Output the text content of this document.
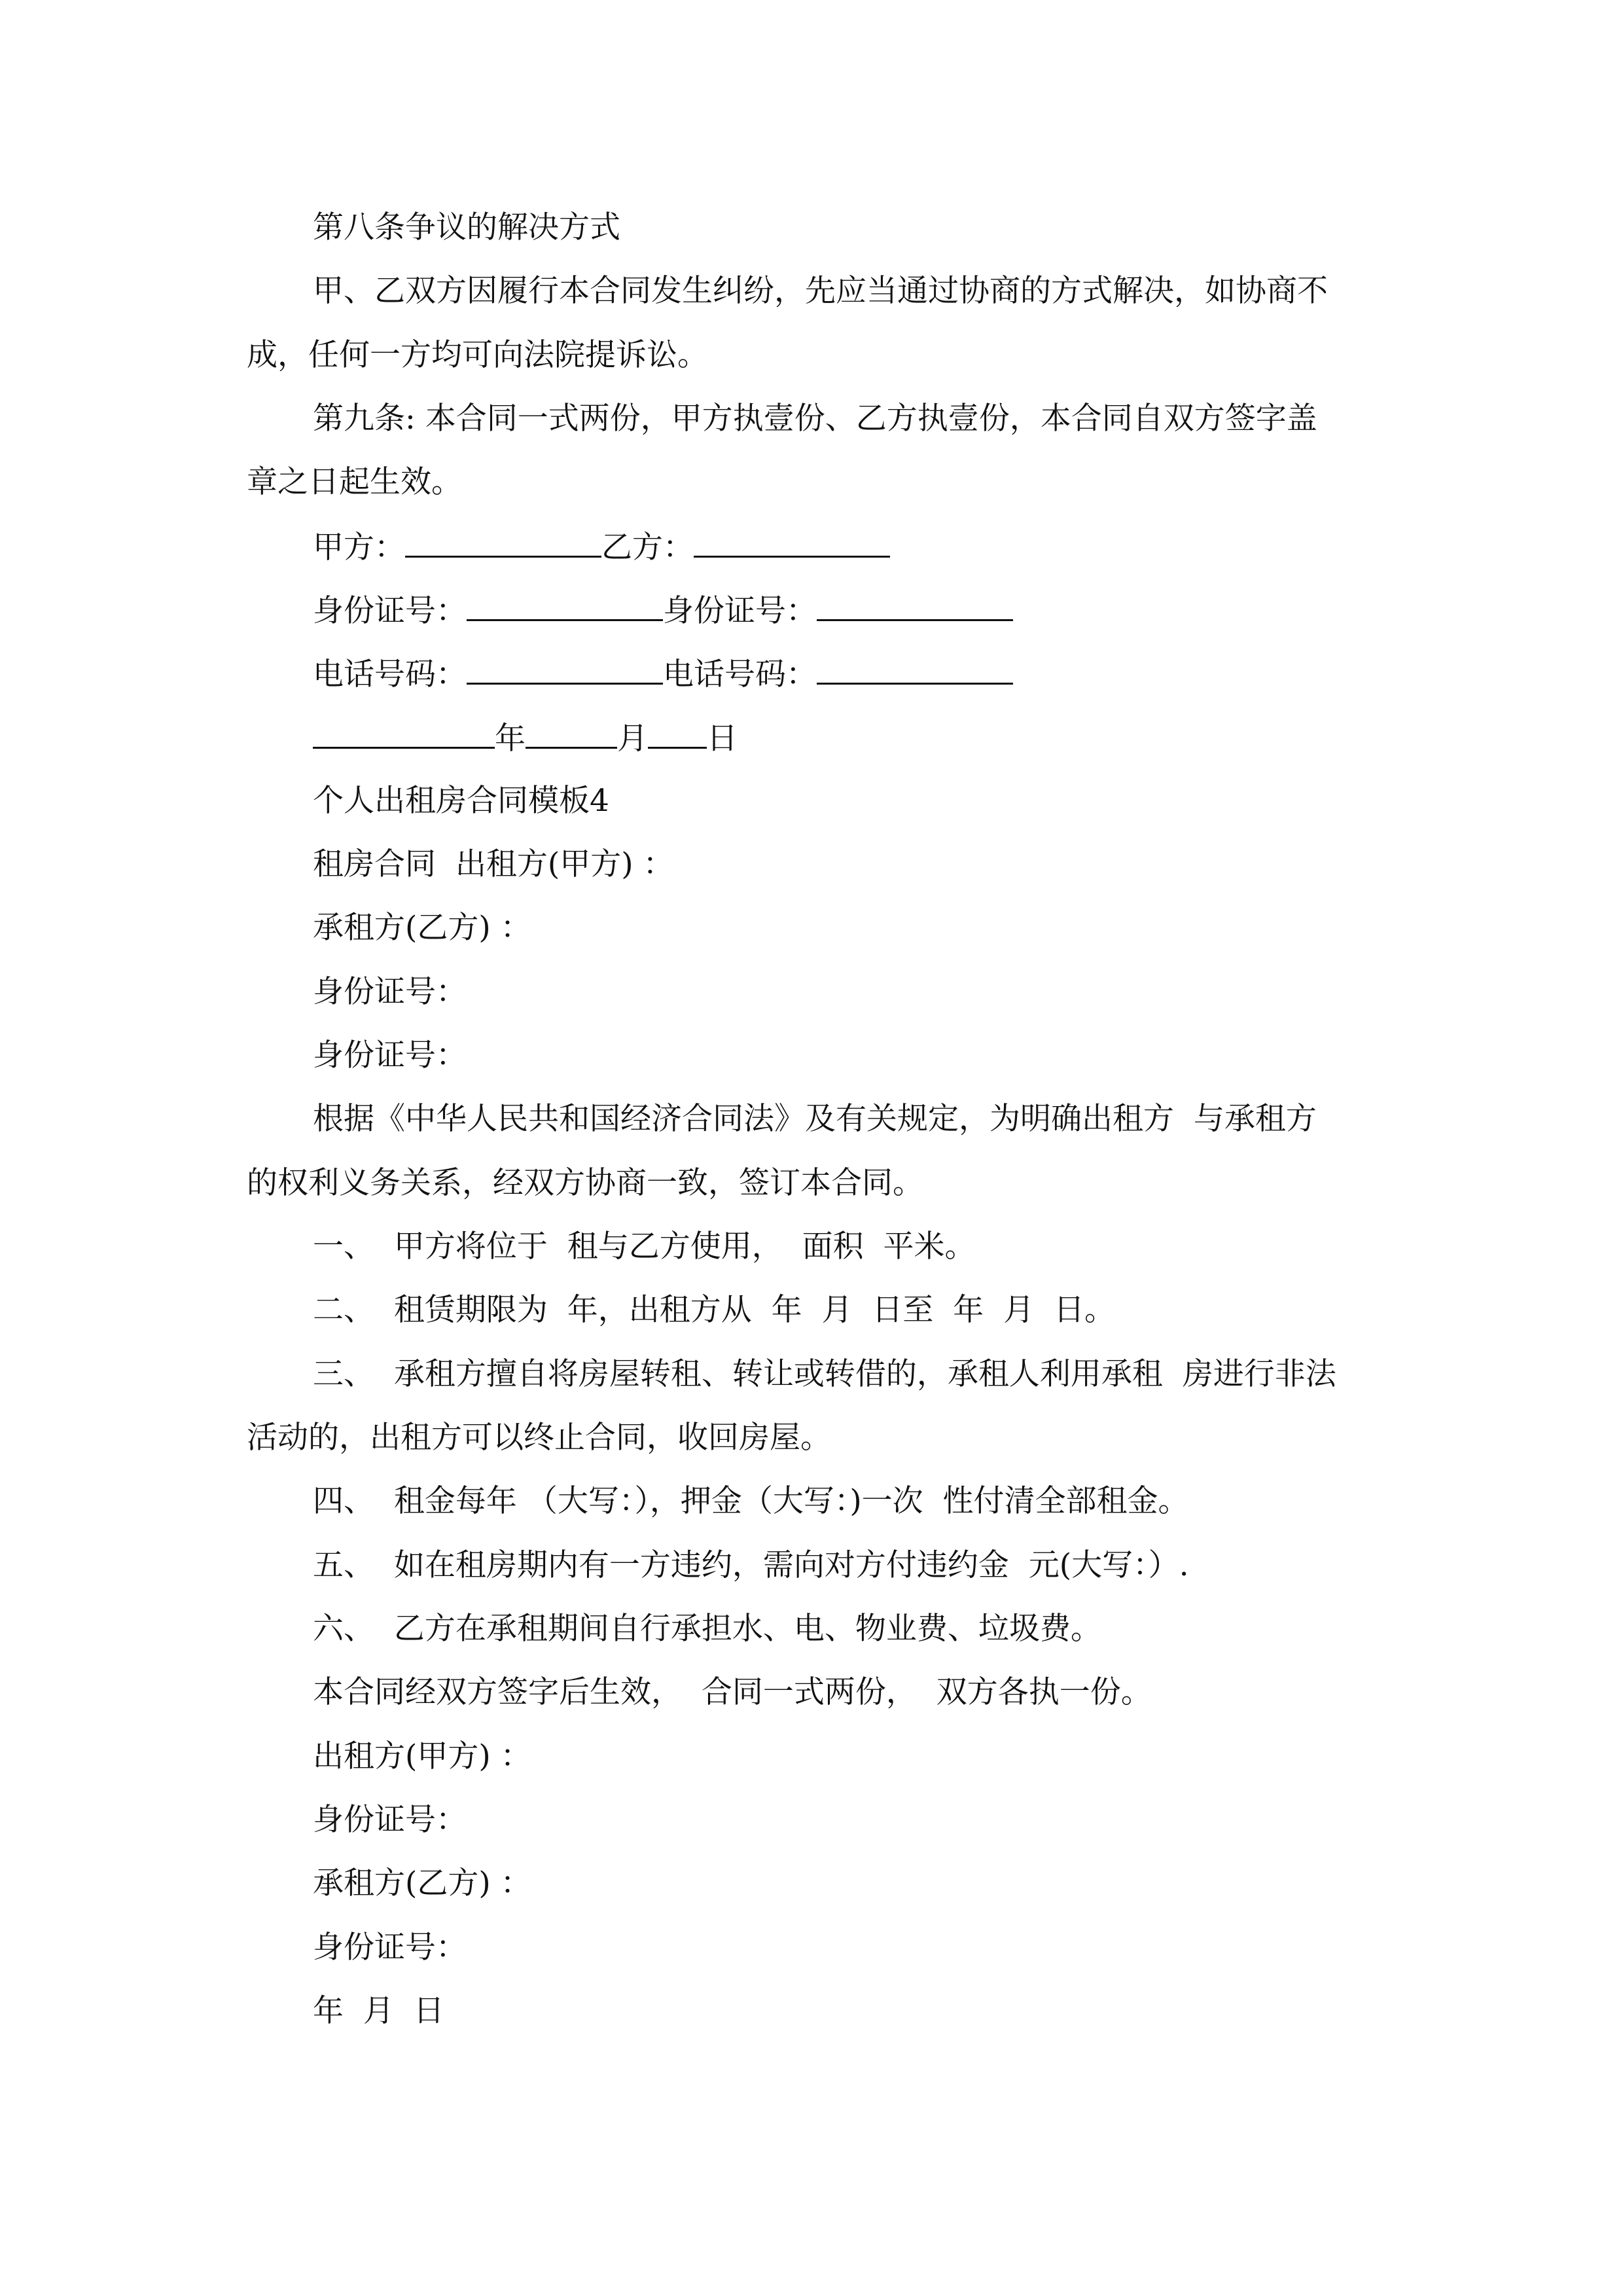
第八条争议的解决方式

甲、乙双方因履行本合同发生纠纷，先应当通过协商的方式解决，如协商不

成，任何一方均可向法院提诉讼。

第九条: 本合同一式两份，甲方执壹份、乙方执壹份，本合同自双方签字盖

章之日起生效。

甲方：	乙方：

身份证号：	身份证号：

电话号码：	电话号码：

年	月 日

个人出租房合同模板4

租房合同  出租方(甲方) ：

承租方(乙方) ：

身份证号：

身份证号：

根据《中华人民共和国经济合同法》及有关规定，为明确出租方  与承租方

的权利义务关系，经双方协商一致，签订本合同。

一、  甲方将位于  租与乙方使用，  面积  平米。

二、  租赁期限为  年，出租方从  年  月  日至  年  月  日。

三、  承租方擅自将房屋转租、转让或转借的，承租人利用承租  房进行非法

活动的，出租方可以终止合同，收回房屋。

四、  租金每年 （大写：），押金（大写：)一次  性付清全部租金。

五、  如在租房期内有一方违约，需向对方付违约金  元(大写：）.

六、  乙方在承租期间自行承担水、电、物业费、垃圾费。

本合同经双方签字后生效，  合同一式两份，  双方各执一份。

出租方(甲方) ：

身份证号：

承租方(乙方) ：

身份证号：

年  月  日
